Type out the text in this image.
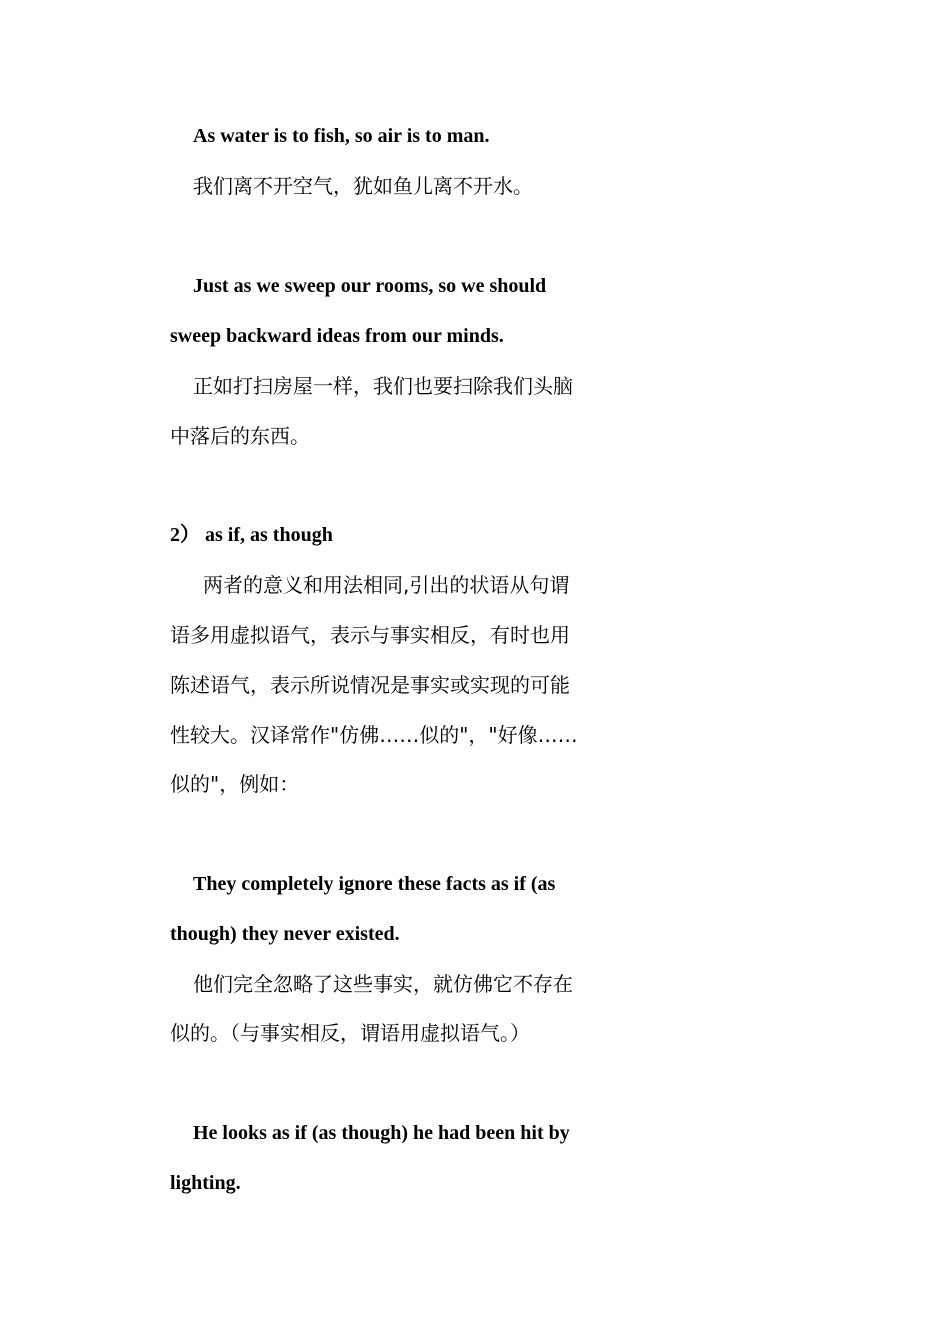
As water is to fish, so air is to man.
我们离不开空气，犹如鱼儿离不开水。
Just as we sweep our rooms, so we should
sweep backward ideas from our minds.
正如打扫房屋一样，我们也要扫除我们头脑
中落后的东西。
2） as if, as though
两者的意义和用法相同,引出的状语从句谓
语多用虚拟语气，表示与事实相反，有时也用
陈述语气，表示所说情况是事实或实现的可能
性较大。汉译常作"仿佛……似的"，"好像……
似的"，例如：
They completely ignore these facts as if (as
though) they never existed.
他们完全忽略了这些事实，就仿佛它不存在
似的。（与事实相反，谓语用虚拟语气。）
He looks as if (as though) he had been hit by
lighting.
